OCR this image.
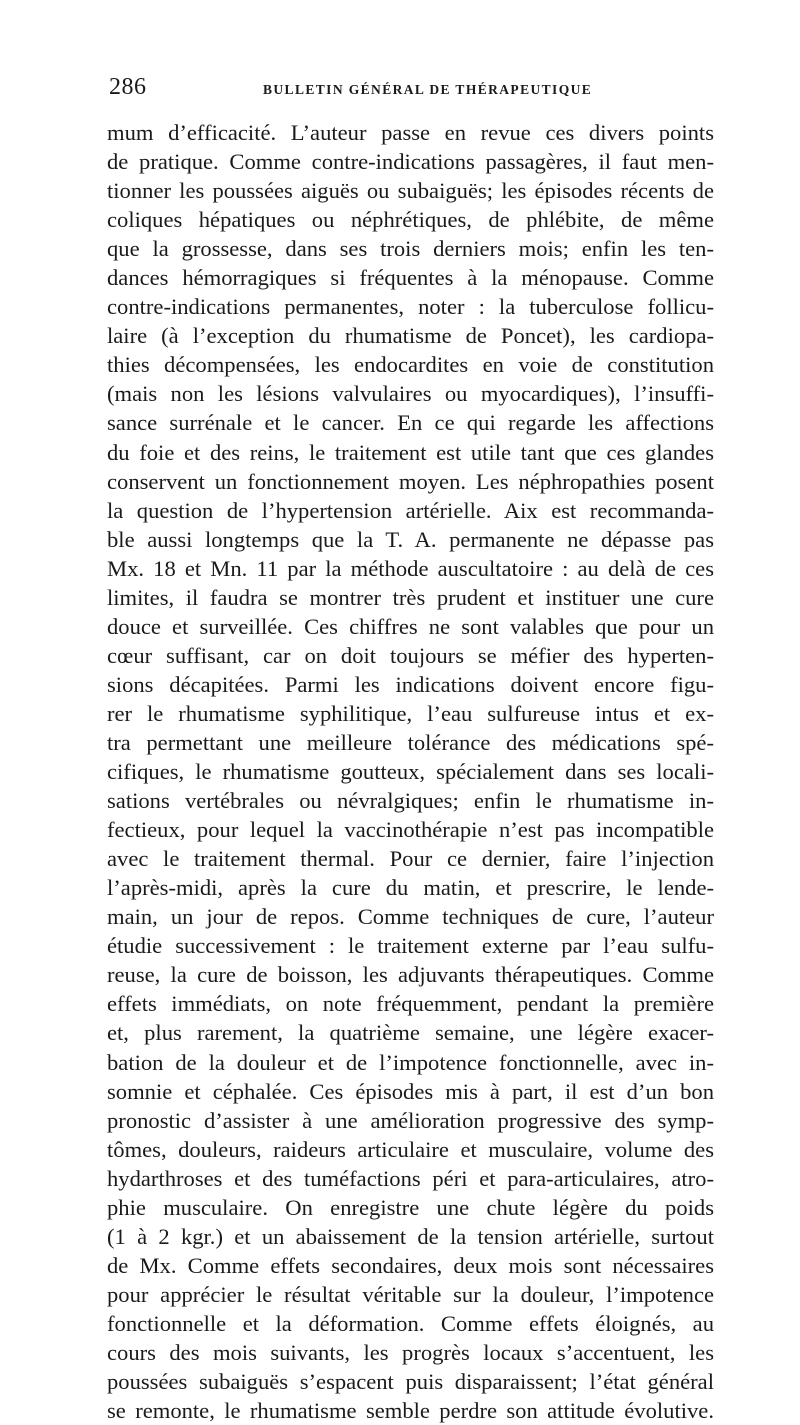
286	BULLETIN GÉNÉRAL DE THÉRAPEUTIQUE
mum d’efficacité. L’auteur passe en revue ces divers points
de pratique. Comme contre-indications passagères, il faut men-
tionner les poussées aiguës ou subaiguës; les épisodes récents de
coliques hépatiques ou néphrétiques, de phlébite, de même
que la grossesse, dans ses trois derniers mois; enfin les ten-
dances hémorragiques si fréquentes à la ménopause. Comme
contre-indications permanentes, noter : la tuberculose follicu-
laire (à l’exception du rhumatisme de Poncet), les cardiopa-
thies décompensées, les endocardites en voie de constitution
(mais non les lésions valvulaires ou myocardiques), l’insuffi-
sance surrénale et le cancer. En ce qui regarde les affections
du foie et des reins, le traitement est utile tant que ces glandes
conservent un fonctionnement moyen. Les néphropathies posent
la question de l’hypertension artérielle. Aix est recommanda-
ble aussi longtemps que la T. A. permanente ne dépasse pas
Mx. 18 et Mn. 11 par la méthode auscultatoire : au delà de ces
limites, il faudra se montrer très prudent et instituer une cure
douce et surveillée. Ces chiffres ne sont valables que pour un
cœur suffisant, car on doit toujours se méfier des hyperten-
sions décapitées. Parmi les indications doivent encore figu-
rer le rhumatisme syphilitique, l’eau sulfureuse intus et ex-
tra permettant une meilleure tolérance des médications spé-
cifiques, le rhumatisme goutteux, spécialement dans ses locali-
sations vertébrales ou névralgiques; enfin le rhumatisme in-
fectieux, pour lequel la vaccinothérapie n’est pas incompatible
avec le traitement thermal. Pour ce dernier, faire l’injection
l’après-midi, après la cure du matin, et prescrire, le lende-
main, un jour de repos. Comme techniques de cure, l’auteur
étudie successivement : le traitement externe par l’eau sulfu-
reuse, la cure de boisson, les adjuvants thérapeutiques. Comme
effets immédiats, on note fréquemment, pendant la première
et, plus rarement, la quatrième semaine, une légère exacer-
bation de la douleur et de l’impotence fonctionnelle, avec in-
somnie et céphalée. Ces épisodes mis à part, il est d’un bon
pronostic d’assister à une amélioration progressive des symp-
tômes, douleurs, raideurs articulaire et musculaire, volume des
hydarthroses et des tuméfactions péri et para-articulaires, atro-
phie musculaire. On enregistre une chute légère du poids
(1 à 2 kgr.) et un abaissement de la tension artérielle, surtout
de Mx. Comme effets secondaires, deux mois sont nécessaires
pour apprécier le résultat véritable sur la douleur, l’impotence
fonctionnelle et la déformation. Comme effets éloignés, au
cours des mois suivants, les progrès locaux s’accentuent, les
poussées subaiguës s’espacent puis disparaissent; l’état général
se remonte, le rhumatisme semble perdre son attitude évolutive.
